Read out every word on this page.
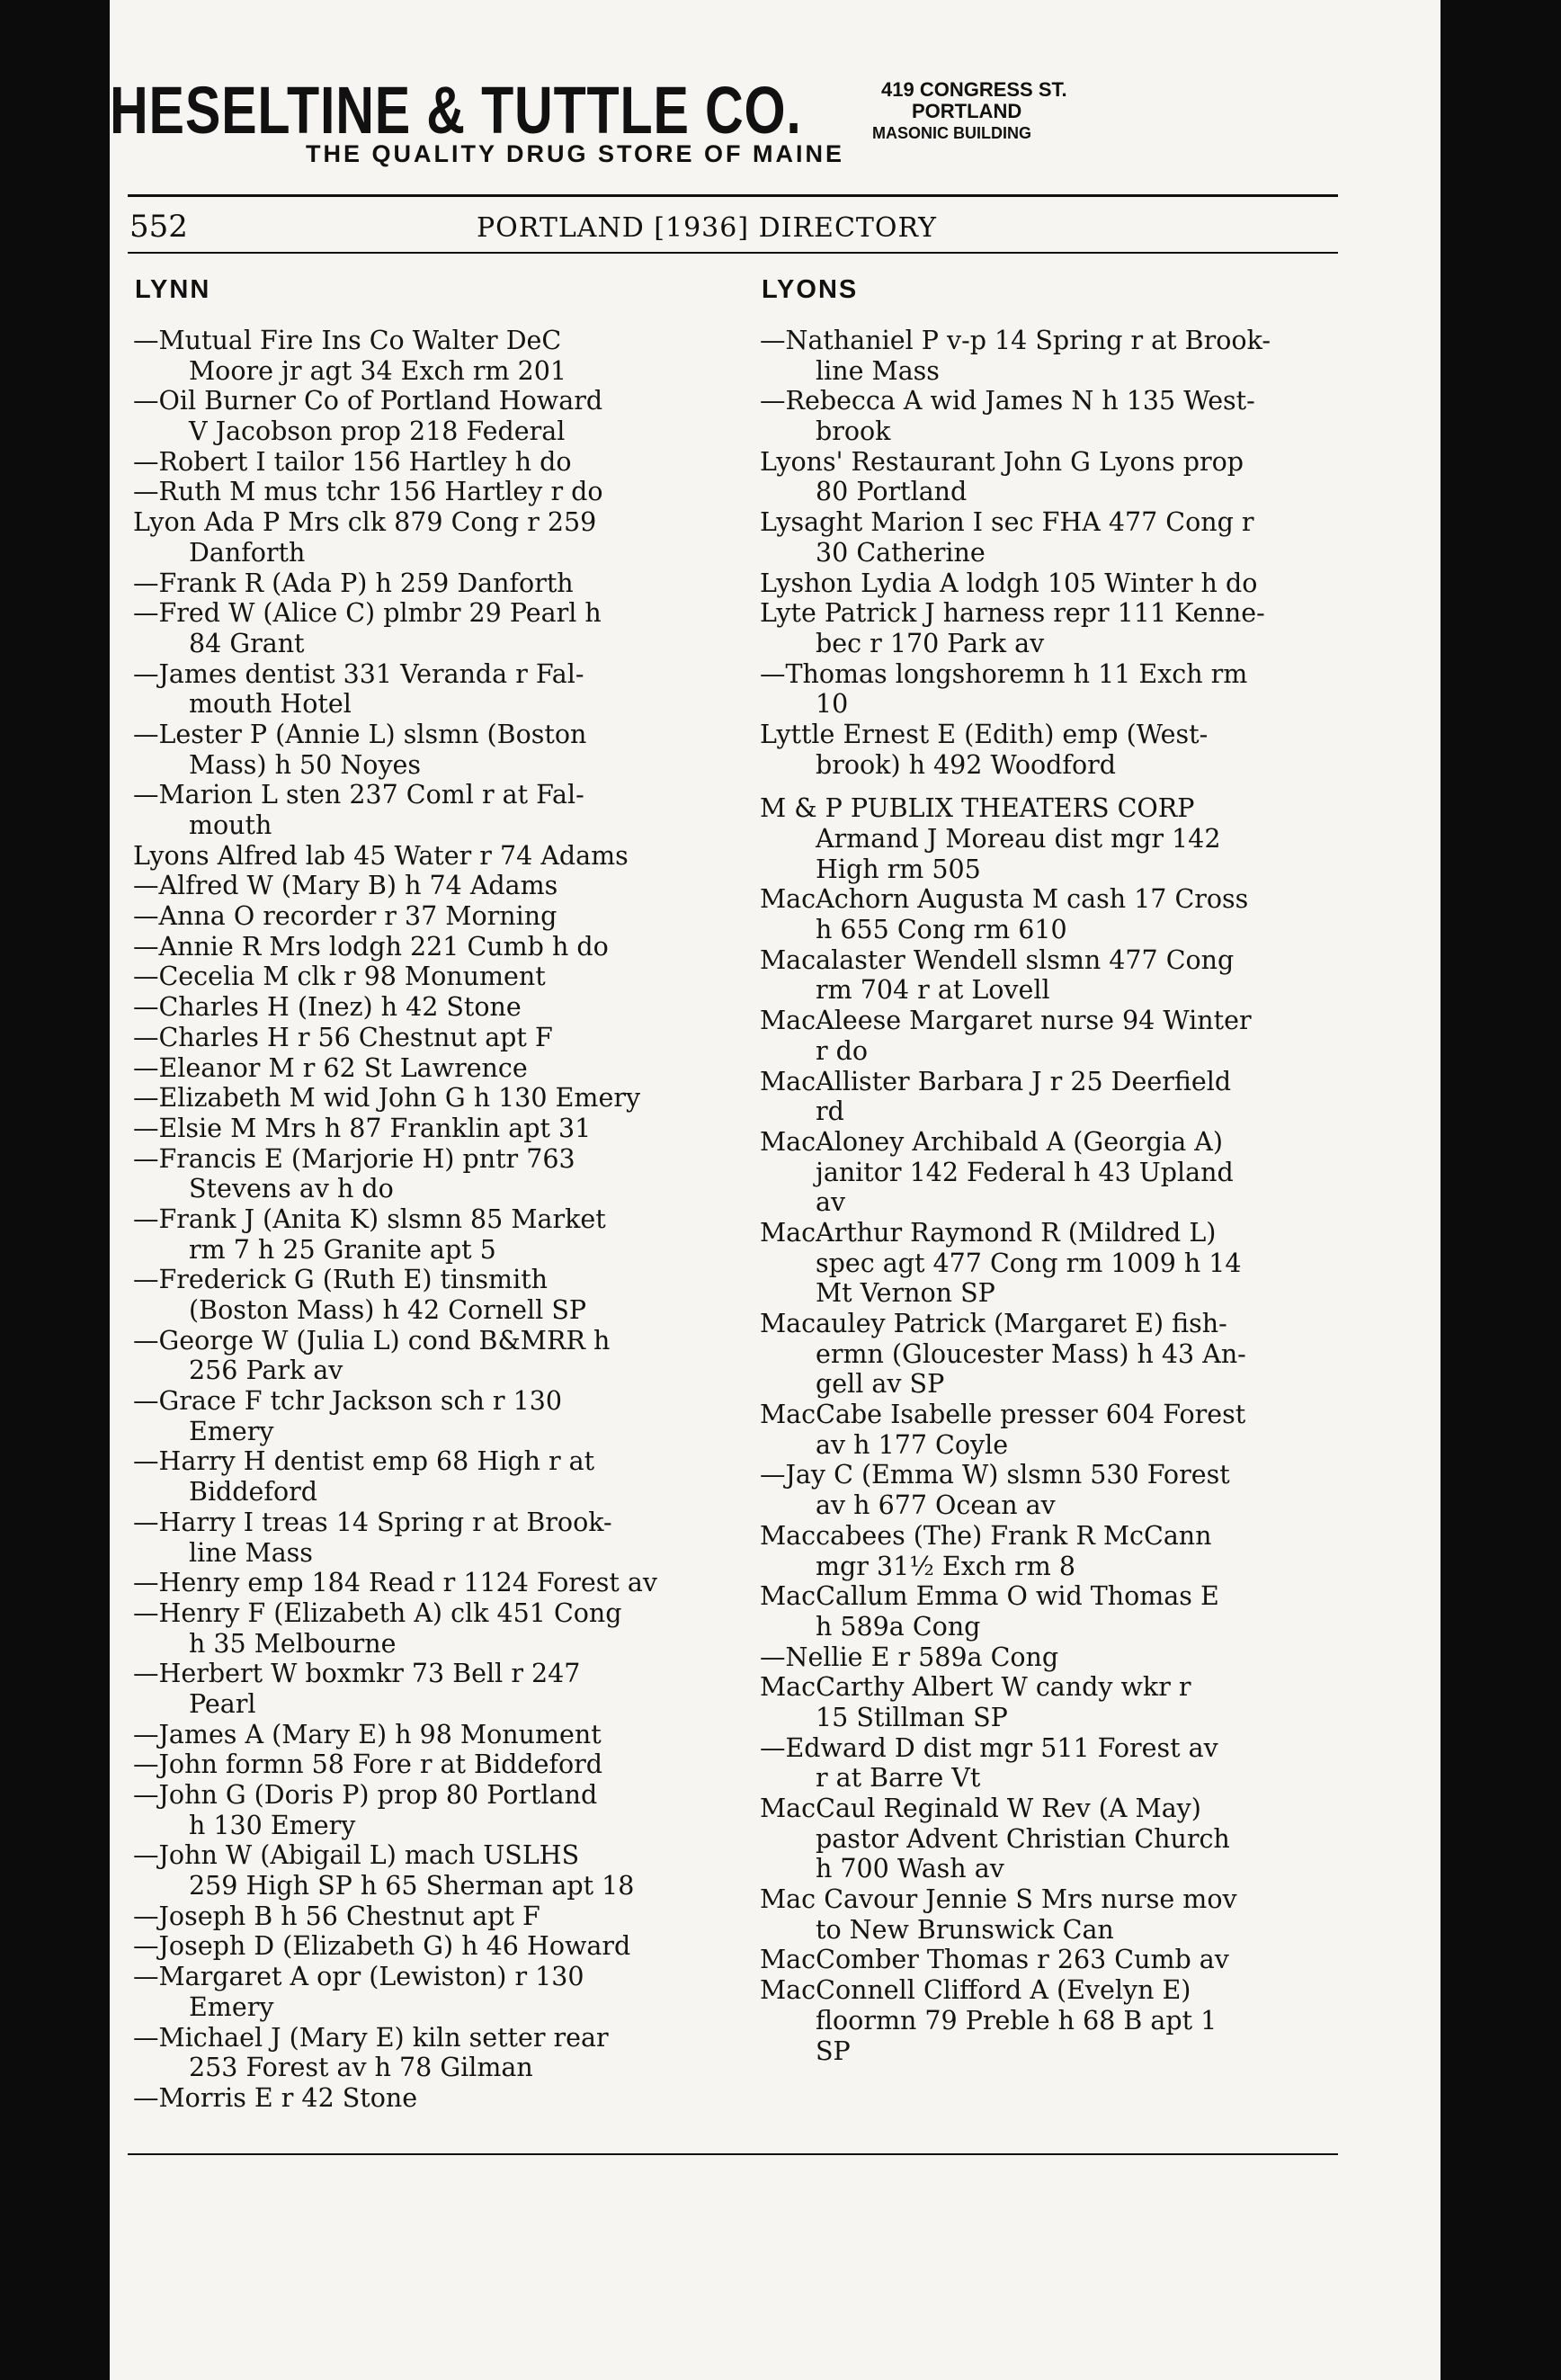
HESELTINE & TUTTLE CO.	419 CONGRESS ST.
PORTLAND
MASONIC BUILDING
THE QUALITY DRUG STORE OF MAINE
552	PORTLAND [1936] DIRECTORY
LYNN	LYONS
—Mutual Fire Ins Co Walter DeC
Moore jr agt 34 Exch rm 201
—Oil Burner Co of Portland Howard
V Jacobson prop 218 Federal
—Robert I tailor 156 Hartley h do
—Ruth M mus tchr 156 Hartley r do
Lyon Ada P Mrs clk 879 Cong r 259
Danforth
—Frank R (Ada P) h 259 Danforth
—Fred W (Alice C) plmbr 29 Pearl h
84 Grant
—James dentist 331 Veranda r Fal-
mouth Hotel
—Lester P (Annie L) slsmn (Boston
Mass) h 50 Noyes
—Marion L sten 237 Coml r at Fal-
mouth
Lyons Alfred lab 45 Water r 74 Adams
—Alfred W (Mary B) h 74 Adams
—Anna O recorder r 37 Morning
—Annie R Mrs lodgh 221 Cumb h do
—Cecelia M clk r 98 Monument
—Charles H (Inez) h 42 Stone
—Charles H r 56 Chestnut apt F
—Eleanor M r 62 St Lawrence
—Elizabeth M wid John G h 130 Emery
—Elsie M Mrs h 87 Franklin apt 31
—Francis E (Marjorie H) pntr 763
Stevens av h do
—Frank J (Anita K) slsmn 85 Market
rm 7 h 25 Granite apt 5
—Frederick G (Ruth E) tinsmith
(Boston Mass) h 42 Cornell SP
—George W (Julia L) cond B&MRR h
256 Park av
—Grace F tchr Jackson sch r 130
Emery
—Harry H dentist emp 68 High r at
Biddeford
—Harry I treas 14 Spring r at Brook-
line Mass
—Henry emp 184 Read r 1124 Forest av
—Henry F (Elizabeth A) clk 451 Cong
h 35 Melbourne
—Herbert W boxmkr 73 Bell r 247
Pearl
—James A (Mary E) h 98 Monument
—John formn 58 Fore r at Biddeford
—John G (Doris P) prop 80 Portland
h 130 Emery
—John W (Abigail L) mach USLHS
259 High SP h 65 Sherman apt 18
—Joseph B h 56 Chestnut apt F
—Joseph D (Elizabeth G) h 46 Howard
—Margaret A opr (Lewiston) r 130
Emery
—Michael J (Mary E) kiln setter rear
253 Forest av h 78 Gilman
—Morris E r 42 Stone
—Nathaniel P v-p 14 Spring r at Brook-
line Mass
—Rebecca A wid James N h 135 West-
brook
Lyons' Restaurant John G Lyons prop
80 Portland
Lysaght Marion I sec FHA 477 Cong r
30 Catherine
Lyshon Lydia A lodgh 105 Winter h do
Lyte Patrick J harness repr 111 Kenne-
bec r 170 Park av
—Thomas longshoremn h 11 Exch rm
10
Lyttle Ernest E (Edith) emp (West-
brook) h 492 Woodford
M & P PUBLIX THEATERS CORP
Armand J Moreau dist mgr 142
High rm 505
MacAchorn Augusta M cash 17 Cross
h 655 Cong rm 610
Macalaster Wendell slsmn 477 Cong
rm 704 r at Lovell
MacAleese Margaret nurse 94 Winter
r do
MacAllister Barbara J r 25 Deerfield
rd
MacAloney Archibald A (Georgia A)
janitor 142 Federal h 43 Upland
av
MacArthur Raymond R (Mildred L)
spec agt 477 Cong rm 1009 h 14
Mt Vernon SP
Macauley Patrick (Margaret E) fish-
ermn (Gloucester Mass) h 43 An-
gell av SP
MacCabe Isabelle presser 604 Forest
av h 177 Coyle
—Jay C (Emma W) slsmn 530 Forest
av h 677 Ocean av
Maccabees (The) Frank R McCann
mgr 31½ Exch rm 8
MacCallum Emma O wid Thomas E
h 589a Cong
—Nellie E r 589a Cong
MacCarthy Albert W candy wkr r
15 Stillman SP
—Edward D dist mgr 511 Forest av
r at Barre Vt
MacCaul Reginald W Rev (A May)
pastor Advent Christian Church
h 700 Wash av
Mac Cavour Jennie S Mrs nurse mov
to New Brunswick Can
MacComber Thomas r 263 Cumb av
MacConnell Clifford A (Evelyn E)
floormn 79 Preble h 68 B apt 1
SP
